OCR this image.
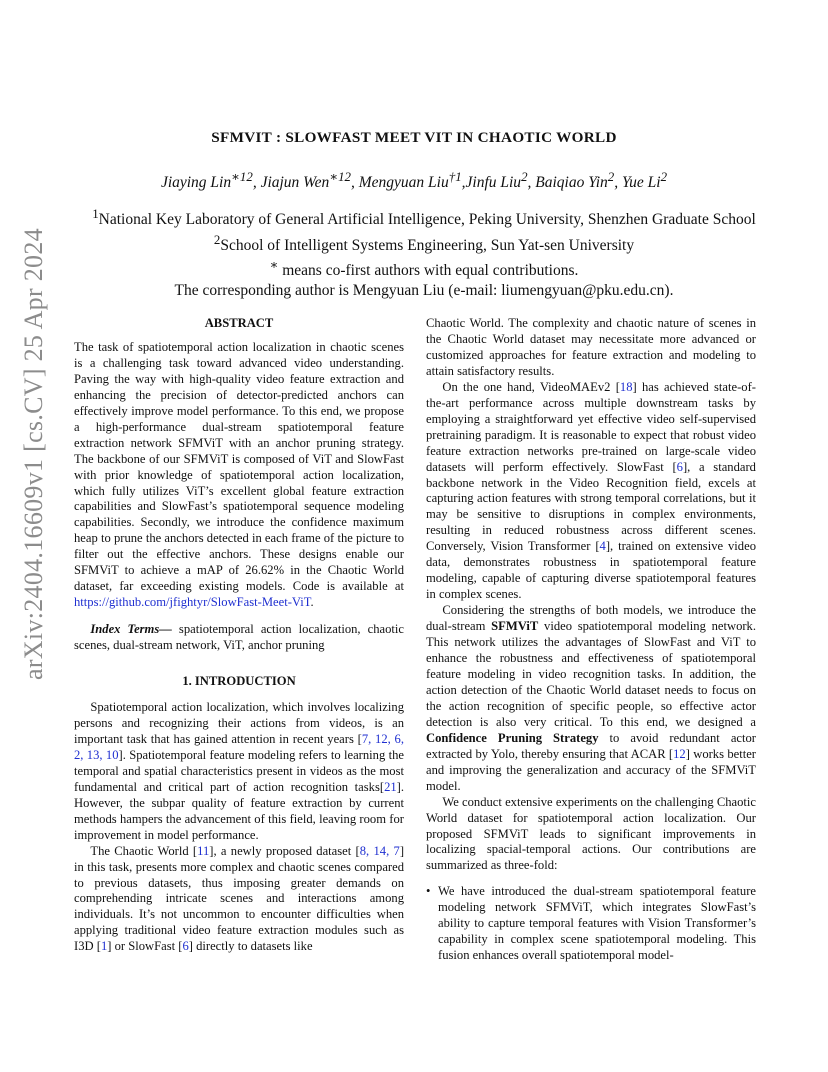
arXiv:2404.16609v1 [cs.CV] 25 Apr 2024
SFMVIT : SLOWFAST MEET VIT IN CHAOTIC WORLD
Jiaying Lin$^{∗12}$, Jiajun Wen$^{∗12}$, Mengyuan Liu$^{\dagger 1}$,Jinfu Liu$^2$, Baiqiao Yin$^2$, Yue Li$^2$
$^1$National Key Laboratory of General Artificial Intelligence, Peking University, Shenzhen Graduate School
$^2$School of Intelligent Systems Engineering, Sun Yat-sen University
∗ means co-first authors with equal contributions.
The corresponding author is Mengyuan Liu (e-mail: liumengyuan@pku.edu.cn).
ABSTRACT

The task of spatiotemporal action localization in chaotic scenes is a challenging task toward advanced video understanding. Paving the way with high-quality video feature extraction and enhancing the precision of detector-predicted anchors can effectively improve model performance. To this end, we propose a high-performance dual-stream spatiotemporal feature extraction network SFMViT with an anchor pruning strategy. The backbone of our SFMViT is composed of ViT and SlowFast with prior knowledge of spatiotemporal action localization, which fully utilizes ViT’s excellent global feature extraction capabilities and SlowFast’s spatiotemporal sequence modeling capabilities. Secondly, we introduce the confidence maximum heap to prune the anchors detected in each frame of the picture to filter out the effective anchors. These designs enable our SFMViT to achieve a mAP of 26.62% in the Chaotic World dataset, far exceeding existing models. Code is available at https://github.com/jfightyr/SlowFast-Meet-ViT.

Index Terms— spatiotemporal action localization, chaotic scenes, dual-stream network, ViT, anchor pruning

1. INTRODUCTION

Spatiotemporal action localization, which involves localizing persons and recognizing their actions from videos, is an important task that has gained attention in recent years [7, 12, 6, 2, 13, 10]. Spatiotemporal feature modeling refers to learning the temporal and spatial characteristics present in videos as the most fundamental and critical part of action recognition tasks[21]. However, the subpar quality of feature extraction by current methods hampers the advancement of this field, leaving room for improvement in model performance.

The Chaotic World [11], a newly proposed dataset [8, 14, 7] in this task, presents more complex and chaotic scenes compared to previous datasets, thus imposing greater demands on comprehending intricate scenes and interactions among individuals. It’s not uncommon to encounter difficulties when applying traditional video feature extraction modules such as I3D [1] or SlowFast [6] directly to datasets like

Chaotic World. The complexity and chaotic nature of scenes in the Chaotic World dataset may necessitate more advanced or customized approaches for feature extraction and modeling to attain satisfactory results.

On the one hand, VideoMAEv2 [18] has achieved state-of-the-art performance across multiple downstream tasks by employing a straightforward yet effective video self-supervised pretraining paradigm. It is reasonable to expect that robust video feature extraction networks pre-trained on large-scale video datasets will perform effectively. SlowFast [6], a standard backbone network in the Video Recognition field, excels at capturing action features with strong temporal correlations, but it may be sensitive to disruptions in complex environments, resulting in reduced robustness across different scenes. Conversely, Vision Transformer [4], trained on extensive video data, demonstrates robustness in spatiotemporal feature modeling, capable of capturing diverse spatiotemporal features in complex scenes.

Considering the strengths of both models, we introduce the dual-stream SFMViT video spatiotemporal modeling network. This network utilizes the advantages of SlowFast and ViT to enhance the robustness and effectiveness of spatiotemporal feature modeling in video recognition tasks. In addition, the action detection of the Chaotic World dataset needs to focus on the action recognition of specific people, so effective actor detection is also very critical. To this end, we designed a Confidence Pruning Strategy to avoid redundant actor extracted by Yolo, thereby ensuring that ACAR [12] works better and improving the generalization and accuracy of the SFMViT model.

We conduct extensive experiments on the challenging Chaotic World dataset for spatiotemporal action localization. Our proposed SFMViT leads to significant improvements in localizing spacial-temporal actions. Our contributions are summarized as three-fold:

• We have introduced the dual-stream spatiotemporal feature modeling network SFMViT, which integrates SlowFast’s ability to capture temporal features with Vision Transformer’s capability in complex scene spatiotemporal modeling. This fusion enhances overall spatiotemporal model-
